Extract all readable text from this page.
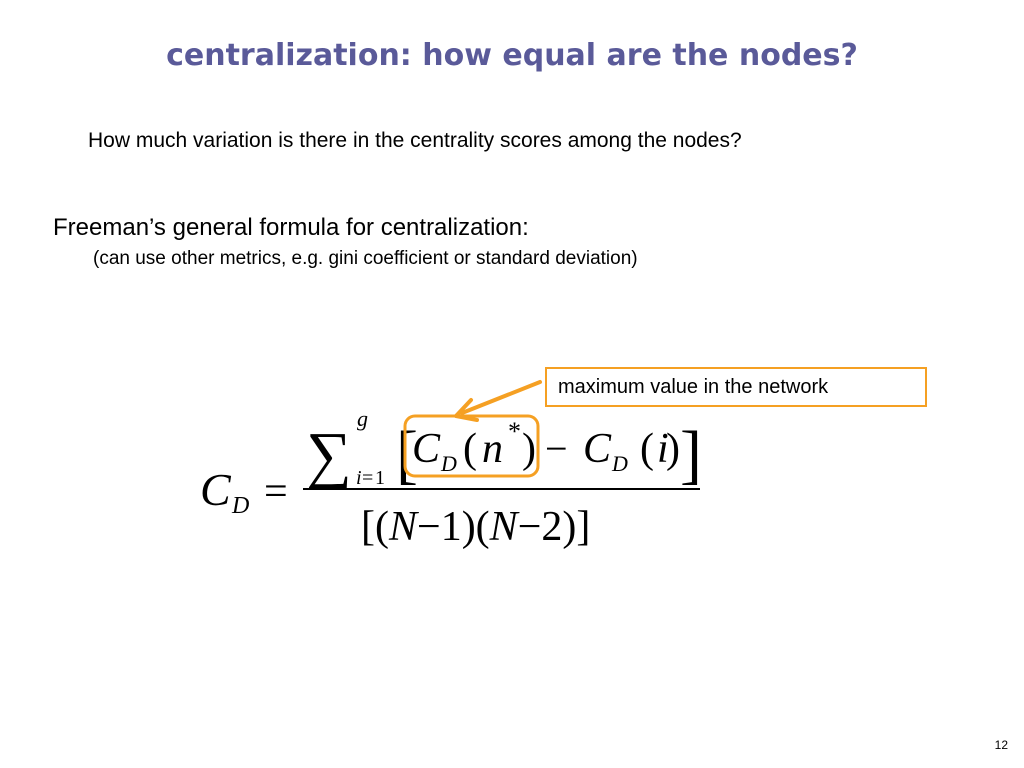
centralization: how equal are the nodes?
How much variation is there in the centrality scores among the nodes?
Freeman’s general formula for centralization:
(can use other metrics, e.g. gini coefficient or standard deviation)
C D =
∑
g
i = 1 [	]
C D ( n * ) − C D ( i
)
[(N−1)(N−2)]
maximum value in the network
12
